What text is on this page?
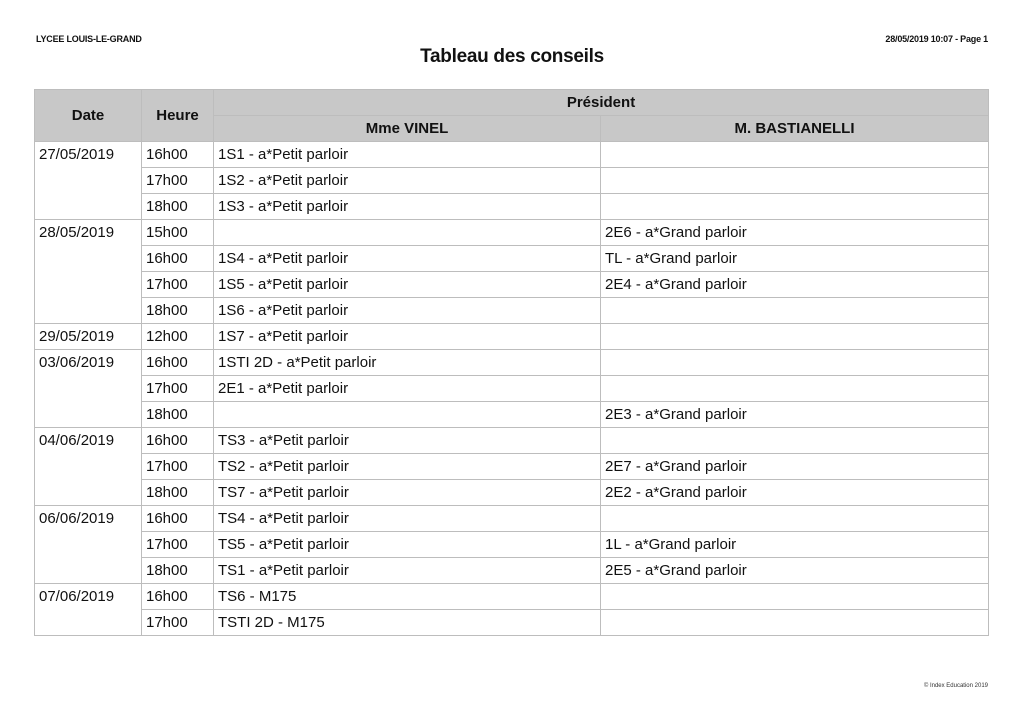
LYCEE LOUIS-LE-GRAND	28/05/2019 10:07 - Page 1
Tableau des conseils
Date	Heure	Président	
		Mme VINEL	M. BASTIANELLI
27/05/2019	16h00	1S1 - a*Petit parloir	
	17h00	1S2 - a*Petit parloir	
	18h00	1S3 - a*Petit parloir	
28/05/2019	15h00		2E6 - a*Grand parloir
	16h00	1S4 - a*Petit parloir	TL - a*Grand parloir
	17h00	1S5 - a*Petit parloir	2E4 - a*Grand parloir
	18h00	1S6 - a*Petit parloir	
29/05/2019	12h00	1S7 - a*Petit parloir	
03/06/2019	16h00	1STI 2D - a*Petit parloir	
	17h00	2E1 - a*Petit parloir	
	18h00		2E3 - a*Grand parloir
04/06/2019	16h00	TS3 - a*Petit parloir	
	17h00	TS2 - a*Petit parloir	2E7 - a*Grand parloir
	18h00	TS7 - a*Petit parloir	2E2 - a*Grand parloir
06/06/2019	16h00	TS4 - a*Petit parloir	
	17h00	TS5 - a*Petit parloir	1L - a*Grand parloir
	18h00	TS1 - a*Petit parloir	2E5 - a*Grand parloir
07/06/2019	16h00	TS6 - M175	
	17h00	TSTI 2D - M175	
© Index Education 2019
